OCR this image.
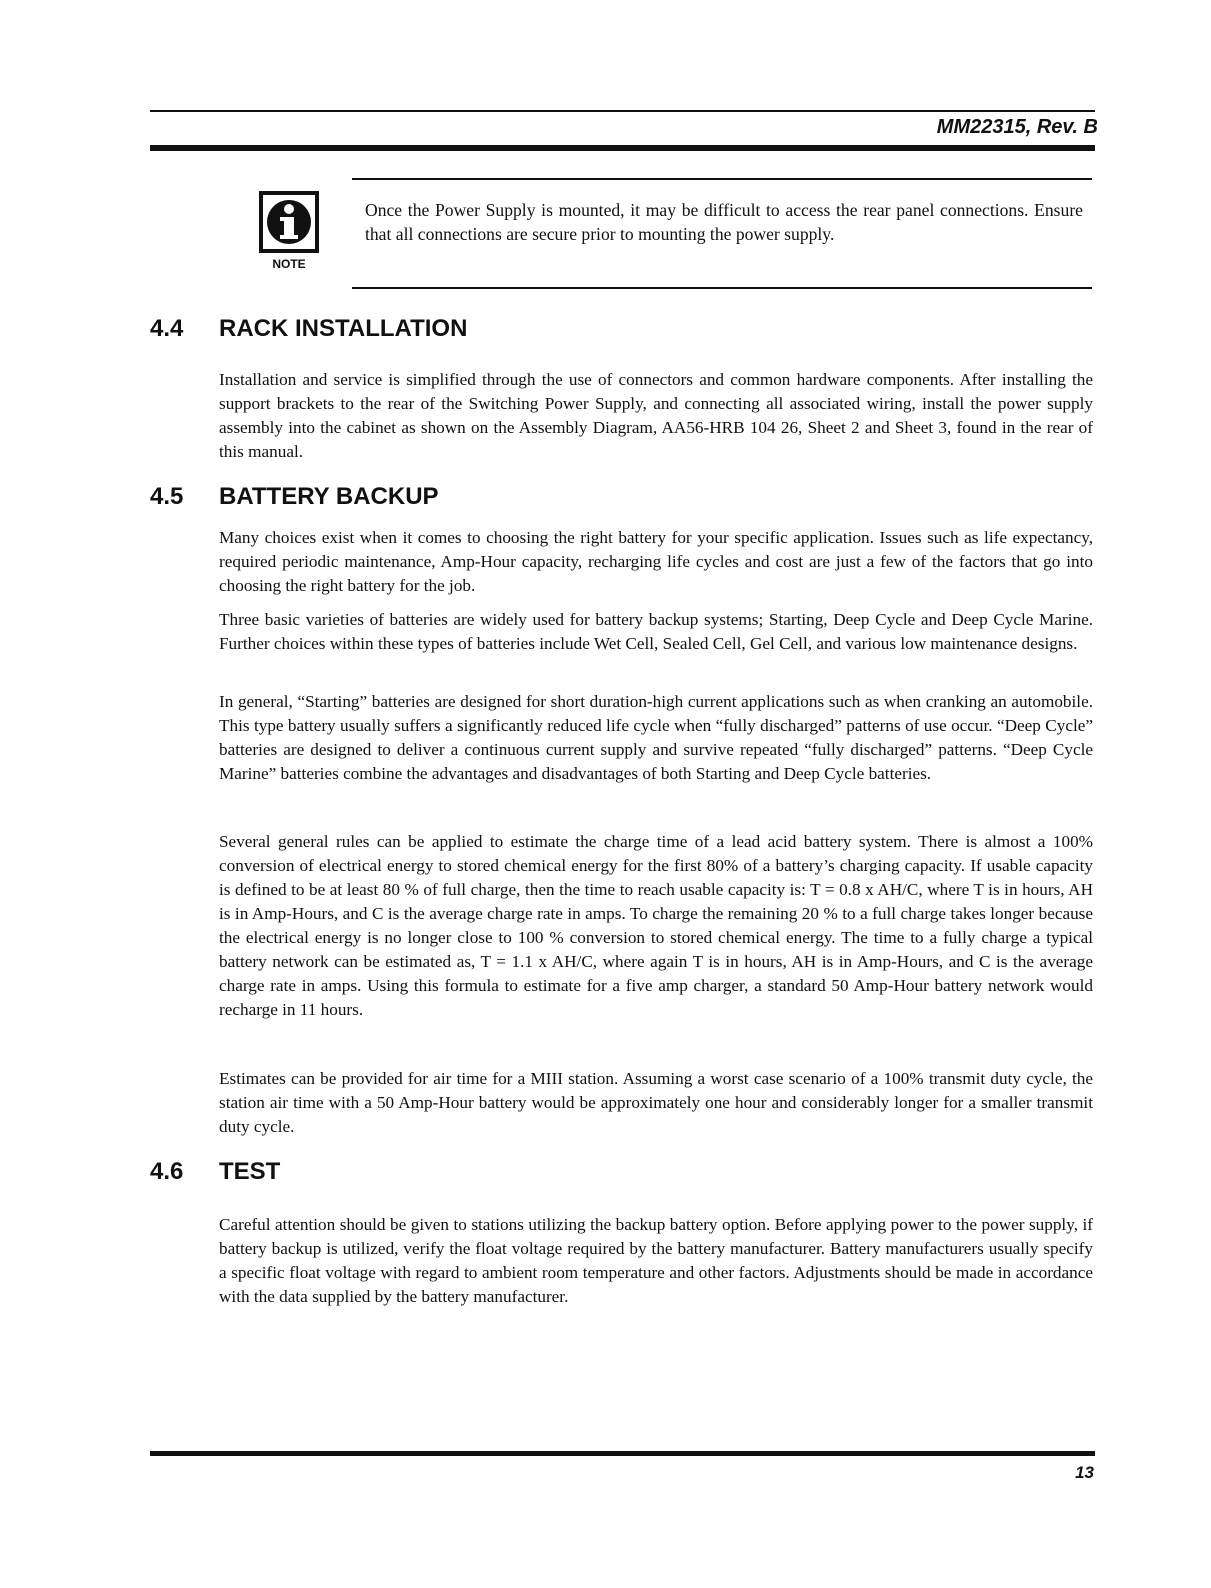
MM22315, Rev. B
NOTE

Once the Power Supply is mounted, it may be difficult to access the rear panel connections. Ensure that all connections are secure prior to mounting the power supply.

4.4 RACK INSTALLATION

Installation and service is simplified through the use of connectors and common hardware components. After installing the support brackets to the rear of the Switching Power Supply, and connecting all associated wiring, install the power supply assembly into the cabinet as shown on the Assembly Diagram, AA56-HRB 104 26, Sheet 2 and Sheet 3, found in the rear of this manual.

4.5 BATTERY BACKUP

Many choices exist when it comes to choosing the right battery for your specific application. Issues such as life expectancy, required periodic maintenance, Amp-Hour capacity, recharging life cycles and cost are just a few of the factors that go into choosing the right battery for the job.

Three basic varieties of batteries are widely used for battery backup systems; Starting, Deep Cycle and Deep Cycle Marine. Further choices within these types of batteries include Wet Cell, Sealed Cell, Gel Cell, and various low maintenance designs.

In general, “Starting” batteries are designed for short duration-high current applications such as when cranking an automobile. This type battery usually suffers a significantly reduced life cycle when “fully discharged” patterns of use occur. “Deep Cycle” batteries are designed to deliver a continuous current supply and survive repeated “fully discharged” patterns. “Deep Cycle Marine” batteries combine the advantages and disadvantages of both Starting and Deep Cycle batteries.

Several general rules can be applied to estimate the charge time of a lead acid battery system. There is almost a 100% conversion of electrical energy to stored chemical energy for the first 80% of a battery’s charging capacity. If usable capacity is defined to be at least 80 % of full charge, then the time to reach usable capacity is: T = 0.8 x AH/C, where T is in hours, AH is in Amp-Hours, and C is the average charge rate in amps. To charge the remaining 20 % to a full charge takes longer because the electrical energy is no longer close to 100 % conversion to stored chemical energy. The time to a fully charge a typical battery network can be estimated as, T = 1.1 x AH/C, where again T is in hours, AH is in Amp-Hours, and C is the average charge rate in amps. Using this formula to estimate for a five amp charger, a standard 50 Amp-Hour battery network would recharge in 11 hours.

Estimates can be provided for air time for a MIII station. Assuming a worst case scenario of a 100% transmit duty cycle, the station air time with a 50 Amp-Hour battery would be approximately one hour and considerably longer for a smaller transmit duty cycle.

4.6 TEST

Careful attention should be given to stations utilizing the backup battery option. Before applying power to the power supply, if battery backup is utilized, verify the float voltage required by the battery manufacturer. Battery manufacturers usually specify a specific float voltage with regard to ambient room temperature and other factors. Adjustments should be made in accordance with the data supplied by the battery manufacturer.

13
